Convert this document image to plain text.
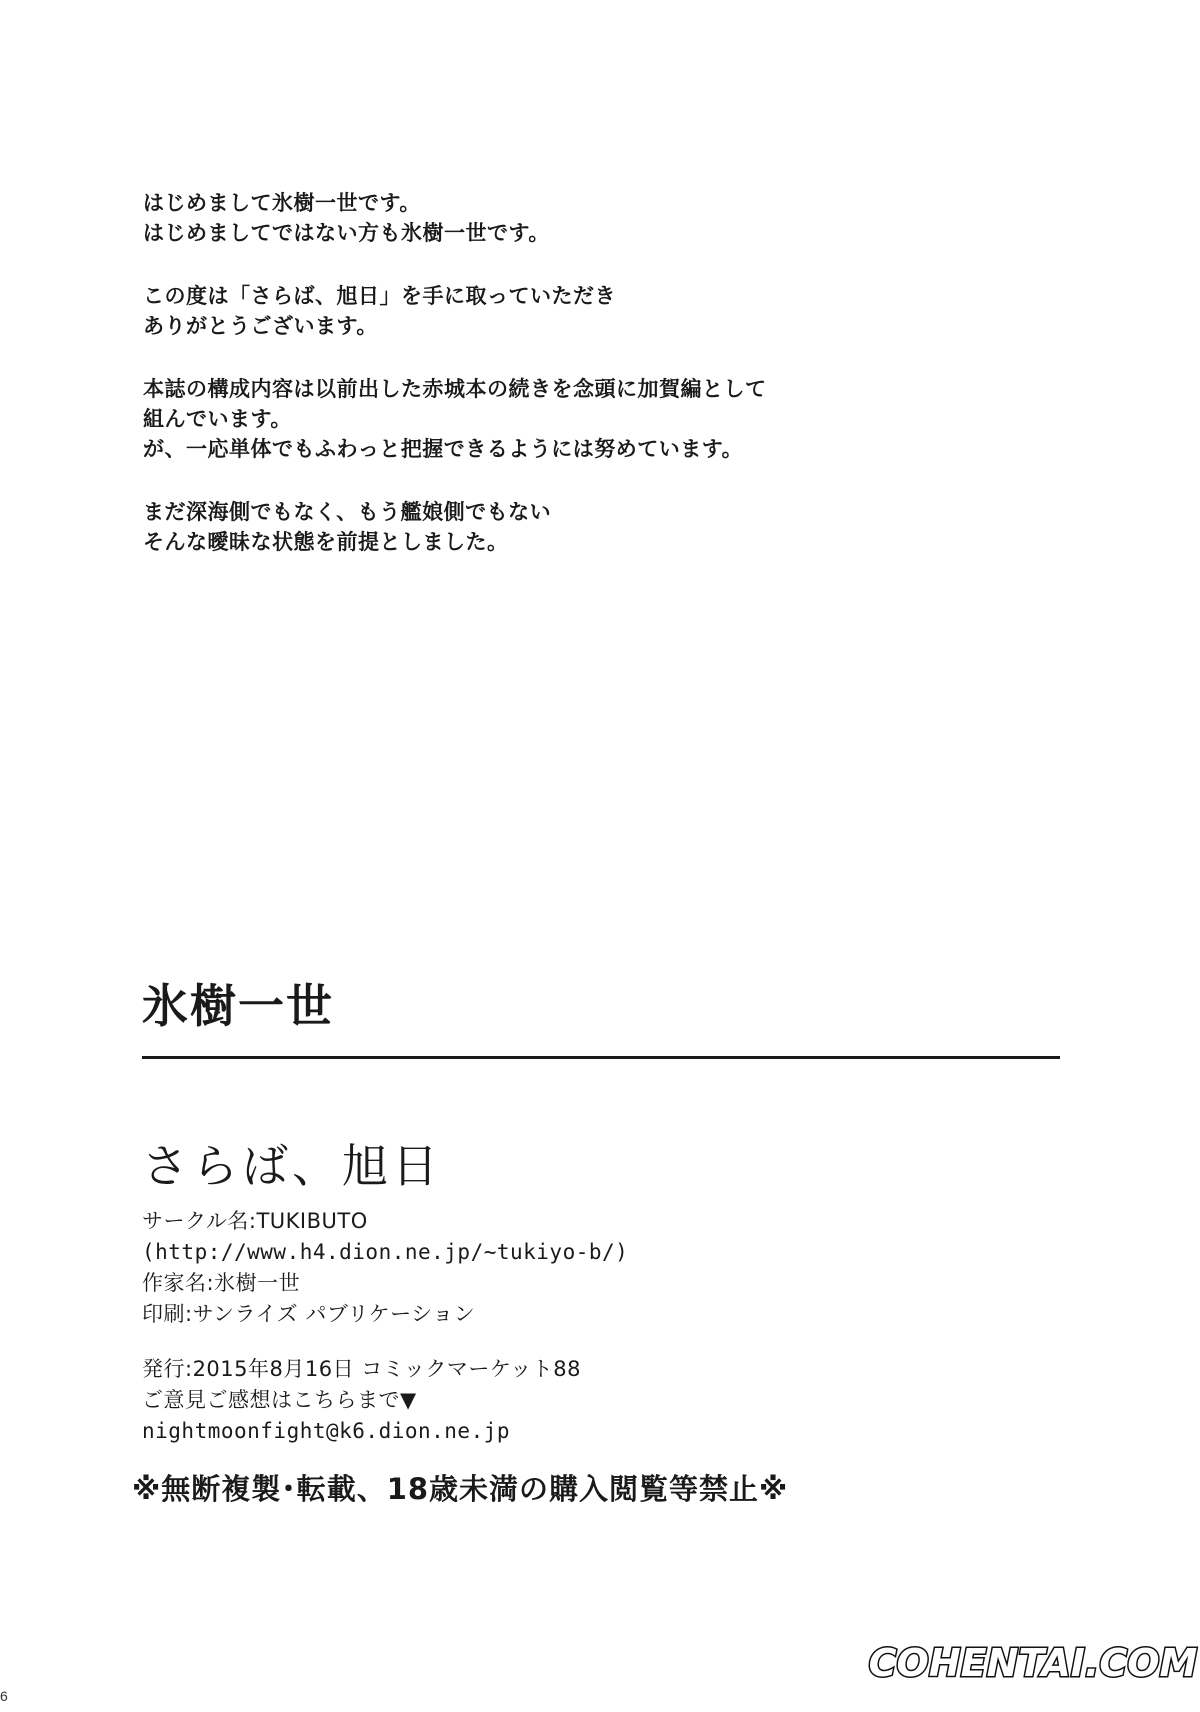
はじめまして氷樹一世です。
はじめましてではない方も氷樹一世です。
この度は「さらば、旭日」を手に取っていただき
ありがとうございます。
本誌の構成内容は以前出した赤城本の続きを念頭に加賀編として
組んでいます。
が、一応単体でもふわっと把握できるようには努めています。
まだ深海側でもなく、もう艦娘側でもない
そんな曖昧な状態を前提としました。
氷樹一世
さらば、旭日
サークル名:TUKIBUTO
(http://www.h4.dion.ne.jp/~tukiyo-b/)
作家名:氷樹一世
印刷:サンライズ パブリケーション
発行:2015年8月16日 コミックマーケット88
ご意見ご感想はこちらまで▼
nightmoonfight@k6.dion.ne.jp
※無断複製･転載、18歳未満の購入閲覧等禁止※
COHENTAI.COM
6
